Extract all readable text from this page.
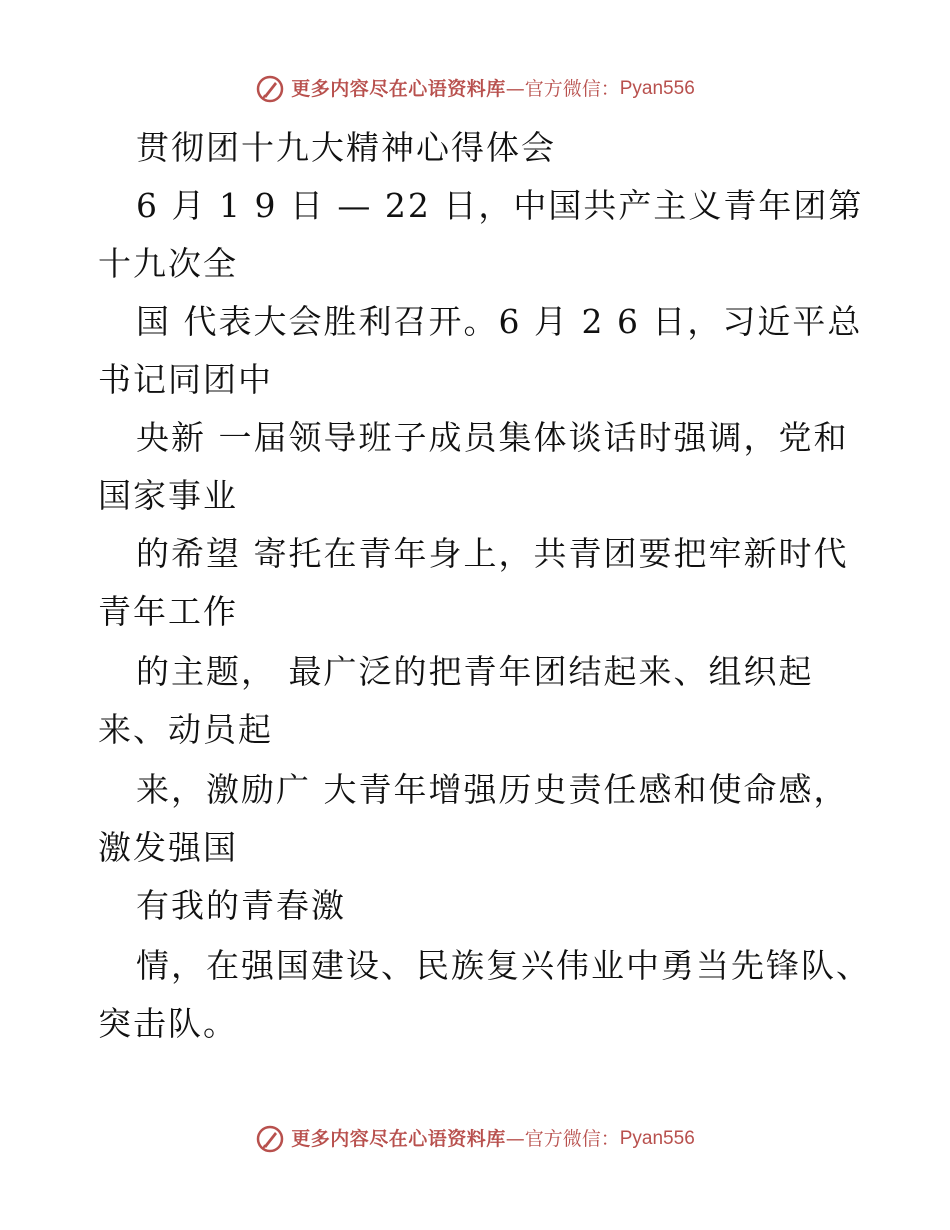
更多内容尽在心语资料库 — 官方微信： Pyan556
贯彻团十九大精神心得体会
6 月 1 9 日 — 22 日，中国共产主义青年团第
十九次全
国 代表大会胜利召开。6 月 2 6 日，习近平总
书记同团中
央新 一届领导班子成员集体谈话时强调，党和
国家事业
的希望 寄托在青年身上，共青团要把牢新时代
青年工作
的主题， 最广泛的把青年团结起来、组织起
来、动员起
来，激励广 大青年增强历史责任感和使命感，
激发强国
有我的青春激
情，在强国建设、民族复兴伟业中勇当先锋队、
突击队。
更多内容尽在心语资料库 — 官方微信： Pyan556
